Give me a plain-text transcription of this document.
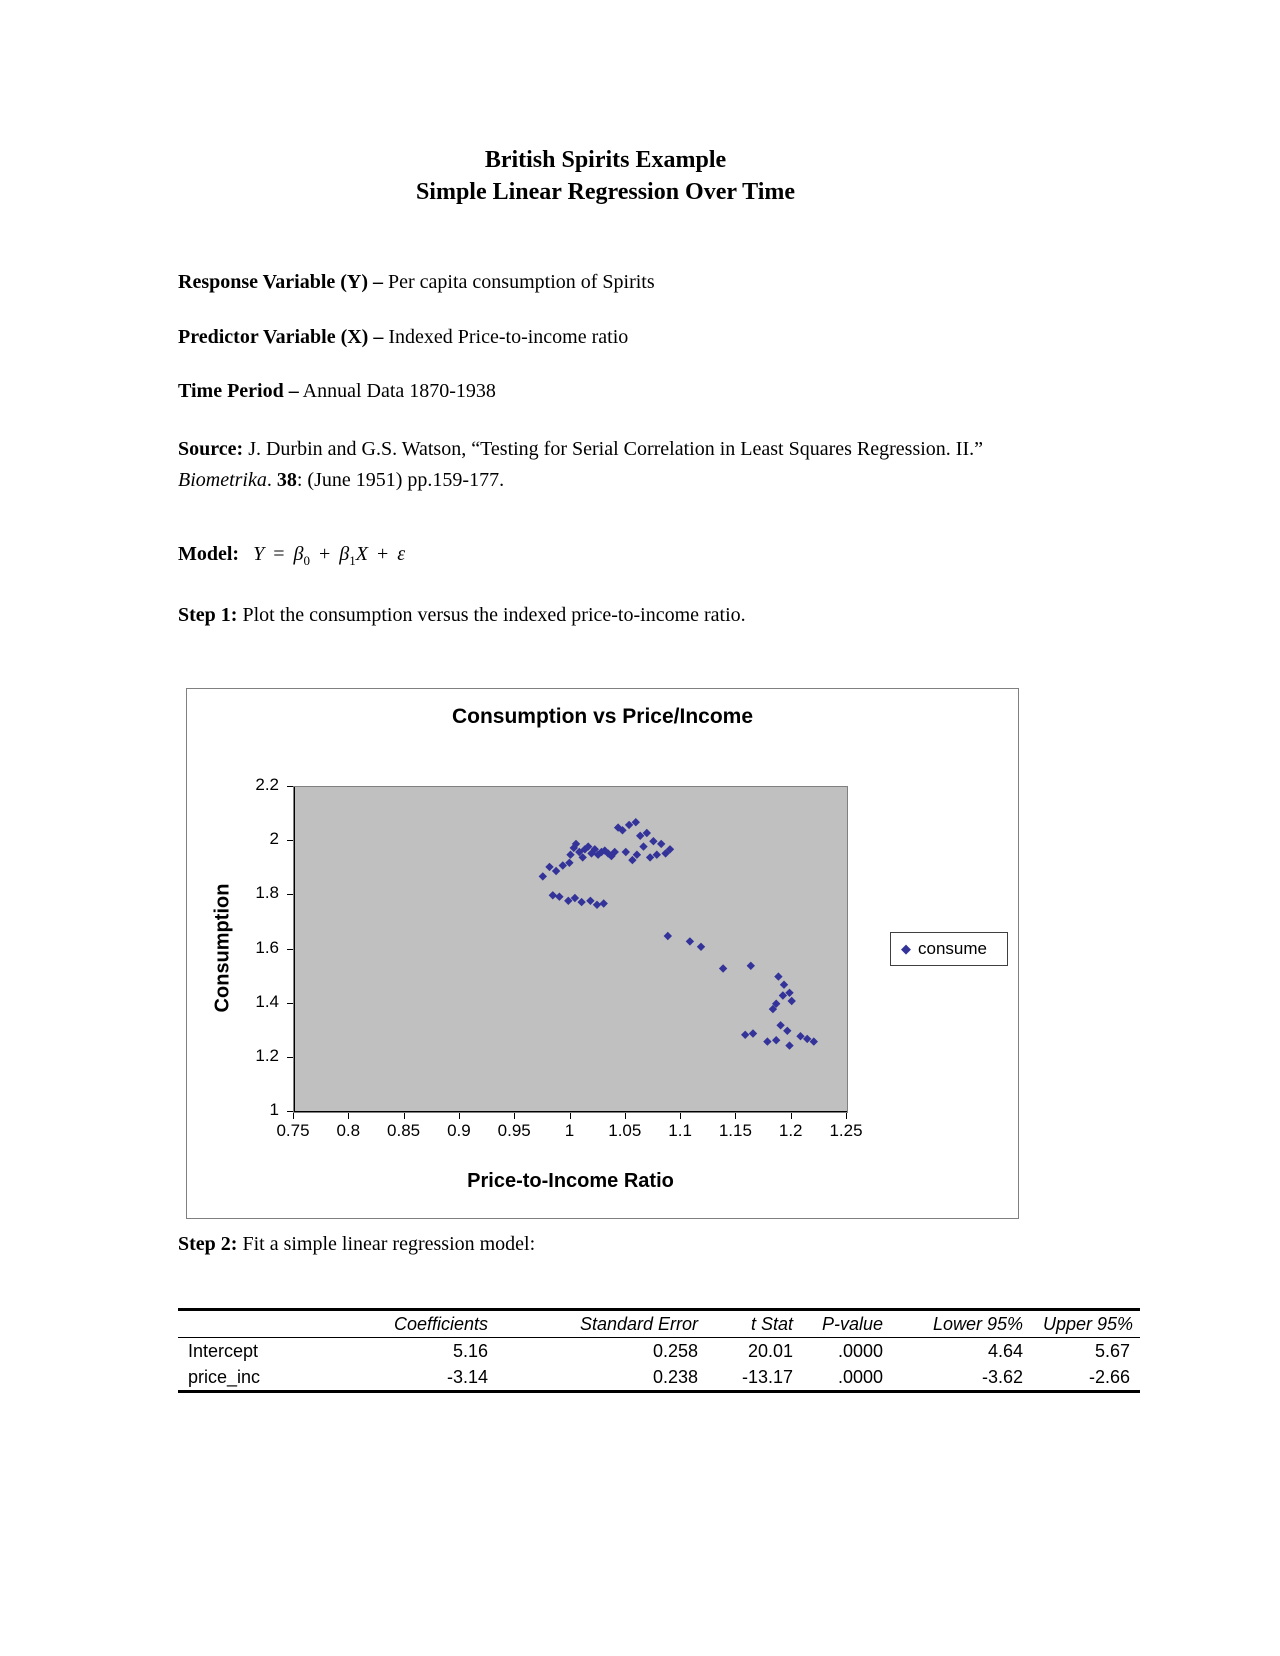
British Spirits Example
Simple Linear Regression Over Time

Response Variable (Y) – Per capita consumption of Spirits

Predictor Variable (X) – Indexed Price-to-income ratio

Time Period – Annual Data 1870-1938

Source: J. Durbin and G.S. Watson, “Testing for Serial Correlation in Least Squares Regression. II.” Biometrika. 38: (June 1951) pp.159-177.

Model: $Y = \beta_0 + \beta_1X + \varepsilon$

Step 1: Plot the consumption versus the indexed price-to-income ratio.

Consumption vs Price/Income
Consumption
Price-to-Income Ratio
◆ consume
1
1.2
1.4
1.6
1.8
2
2.2
0.75	0.8	0.85	0.9	0.95	1	1.05	1.1	1.15	1.2	1.25

Step 2: Fit a simple linear regression model:

	Coefficients	Standard Error	t Stat	P-value	Lower 95%	Upper 95%
Intercept	5.16	0.258	20.01	.0000	4.64	5.67
price_inc	-3.14	0.238	-13.17	.0000	-3.62	-2.66
